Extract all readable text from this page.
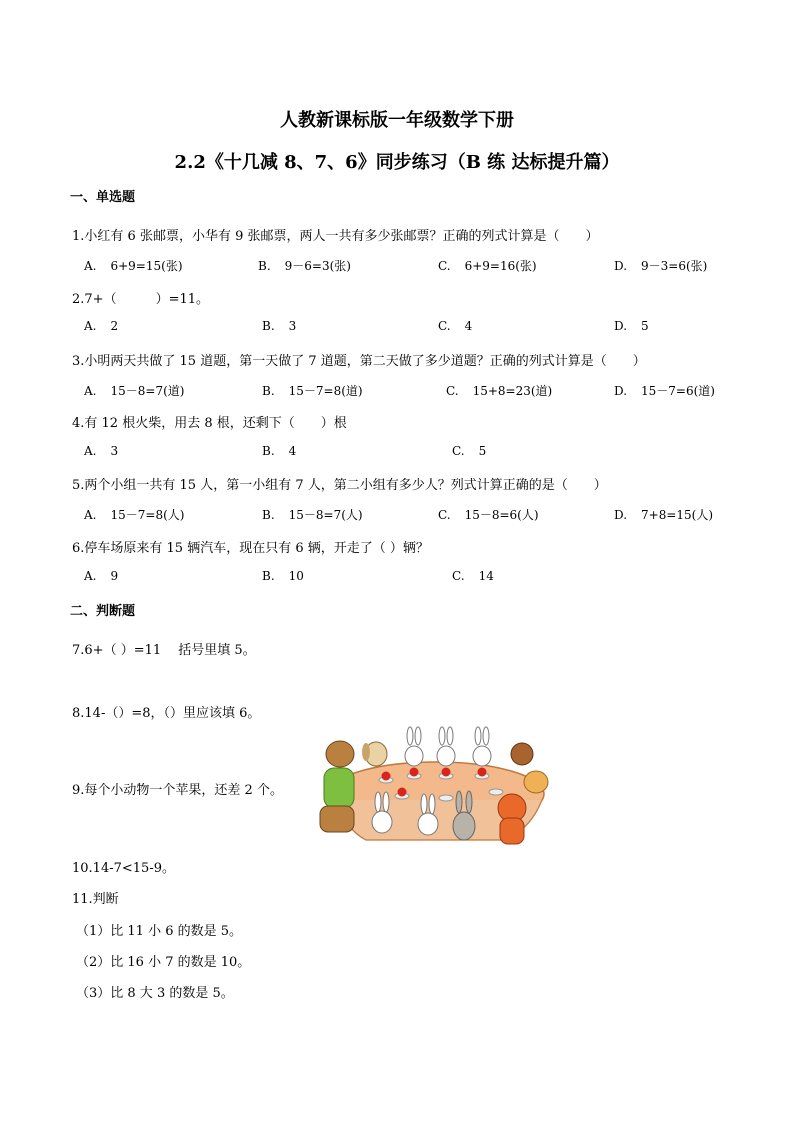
人教新课标版一年级数学下册
2.2《十几减 8、7、6》同步练习（B 练 达标提升篇）
一、单选题
1.小红有 6 张邮票，小华有 9 张邮票，两人一共有多少张邮票？正确的列式计算是（　　）
A. 6+9=15(张)	B. 9－6=3(张)	C. 6+9=16(张)	D. 9－3=6(张)
2.7+（　　　）=11。
A. 2	B. 3	C. 4	D. 5
3.小明两天共做了 15 道题，第一天做了 7 道题，第二天做了多少道题？正确的列式计算是（　　）
A. 15－8=7(道)	B. 15－7=8(道)	C. 15+8=23(道)	D. 15－7=6(道)
4.有 12 根火柴，用去 8 根，还剩下（　　）根
A. 3	B. 4	C. 5
5.两个小组一共有 15 人，第一小组有 7 人，第二小组有多少人？列式计算正确的是（　　）
A. 15－7=8(人)	B. 15－8=7(人)	C. 15－8=6(人)	D. 7+8=15(人)
6.停车场原来有 15 辆汽车，现在只有 6 辆，开走了（ ）辆？
A. 9	B. 10	C. 14
二、判断题
7.6+（ ）=11　 括号里填 5。
8.14-（）=8，（）里应该填 6。
9.每个小动物一个苹果，还差 2 个。
10.14-7<15-9。
11.判断
（1）比 11 小 6 的数是 5。
（2）比 16 小 7 的数是 10。
（3）比 8 大 3 的数是 5。
